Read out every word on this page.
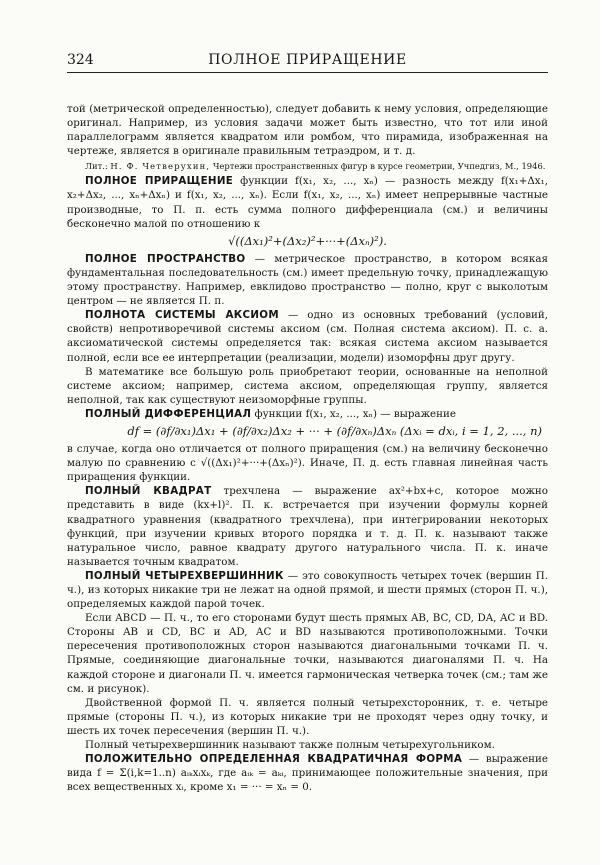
324	ПОЛНОЕ ПРИРАЩЕНИЕ

той (метрической определенностью), следует добавить к нему условия, определяющие оригинал. Например, из условия задачи может быть известно, что тот или иной параллелограмм является квадратом или ромбом, что пирамида, изображенная на чертеже, является в оригинале правильным тетраэдром, и т. д.

Лит.: Н. Ф. Четверухин, Чертежи пространственных фигур в курсе геометрии, Учпедгиз, М., 1946.

ПОЛНОЕ ПРИРАЩЕНИЕ функции f(x₁, x₂, ..., xₙ) — разность между f(x₁+Δx₁, x₂+Δx₂, ..., xₙ+Δxₙ) и f(x₁, x₂, ..., xₙ). Если f(x₁, x₂, ..., xₙ) имеет непрерывные частные производные, то П. п. есть сумма полного дифференциала (см.) и величины бесконечно малой по отношению к

√((Δx₁)²+(Δx₂)²+···+(Δxₙ)²).

ПОЛНОЕ ПРОСТРАНСТВО — метрическое пространство, в котором всякая фундаментальная последовательность (см.) имеет предельную точку, принадлежащую этому пространству. Например, евклидово пространство — полно, круг с выколотым центром — не является П. п.

ПОЛНОТА СИСТЕМЫ АКСИОМ — одно из основных требований (условий, свойств) непротиворечивой системы аксиом (см. Полная система аксиом). П. с. а. аксиоматической системы определяется так: всякая система аксиом называется полной, если все ее интерпретации (реализации, модели) изоморфны друг другу.

В математике все большую роль приобретают теории, основанные на неполной системе аксиом; например, система аксиом, определяющая группу, является неполной, так как существуют неизоморфные группы.

ПОЛНЫЙ ДИФФЕРЕНЦИАЛ функции f(x₁, x₂, ..., xₙ) — выражение

df = (∂f/∂x₁)Δx₁ + (∂f/∂x₂)Δx₂ + ··· + (∂f/∂xₙ)Δxₙ (Δxᵢ = dxᵢ, i = 1, 2, ..., n)

в случае, когда оно отличается от полного приращения (см.) на величину бесконечно малую по сравнению с √((Δx₁)²+···+(Δxₙ)²). Иначе, П. д. есть главная линейная часть приращения функции.

ПОЛНЫЙ КВАДРАТ трехчлена — выражение ax²+bx+c, которое можно представить в виде (kx+l)². П. к. встречается при изучении формулы корней квадратного уравнения (квадратного трехчлена), при интегрировании некоторых функций, при изучении кривых второго порядка и т. д. П. к. называют также натуральное число, равное квадрату другого натурального числа. П. к. иначе называется точным квадратом.

ПОЛНЫЙ ЧЕТЫРЕХВЕРШИННИК — это совокупность четырех точек (вершин П. ч.), из которых никакие три не лежат на одной прямой, и шести прямых (сторон П. ч.), определяемых каждой парой точек.

Если ABCD — П. ч., то его сторонами будут шесть прямых AB, BC, CD, DA, AC и BD. Стороны AB и CD, BC и AD, AC и BD называются противоположными. Точки пересечения противоположных сторон называются диагональными точками П. ч. Прямые, соединяющие диагональные точки, называются диагоналями П. ч. На каждой стороне и диагонали П. ч. имеется гармоническая четверка точек (см.; там же см. и рисунок).

Двойственной формой П. ч. является полный четырехсторонник, т. е. четыре прямые (стороны П. ч.), из которых никакие три не проходят через одну точку, и шесть их точек пересечения (вершин П. ч.).

Полный четырехвершинник называют также полным четырехугольником.

ПОЛОЖИТЕЛЬНО ОПРЕДЕЛЕННАЯ КВАДРАТИЧНАЯ ФОРМА — выражение вида f = Σ(i,k=1..n) aᵢₖxᵢxₖ, где aᵢₖ = aₖᵢ, принимающее положительные значения, при всех вещественных xᵢ, кроме x₁ = ··· = xₙ = 0.
